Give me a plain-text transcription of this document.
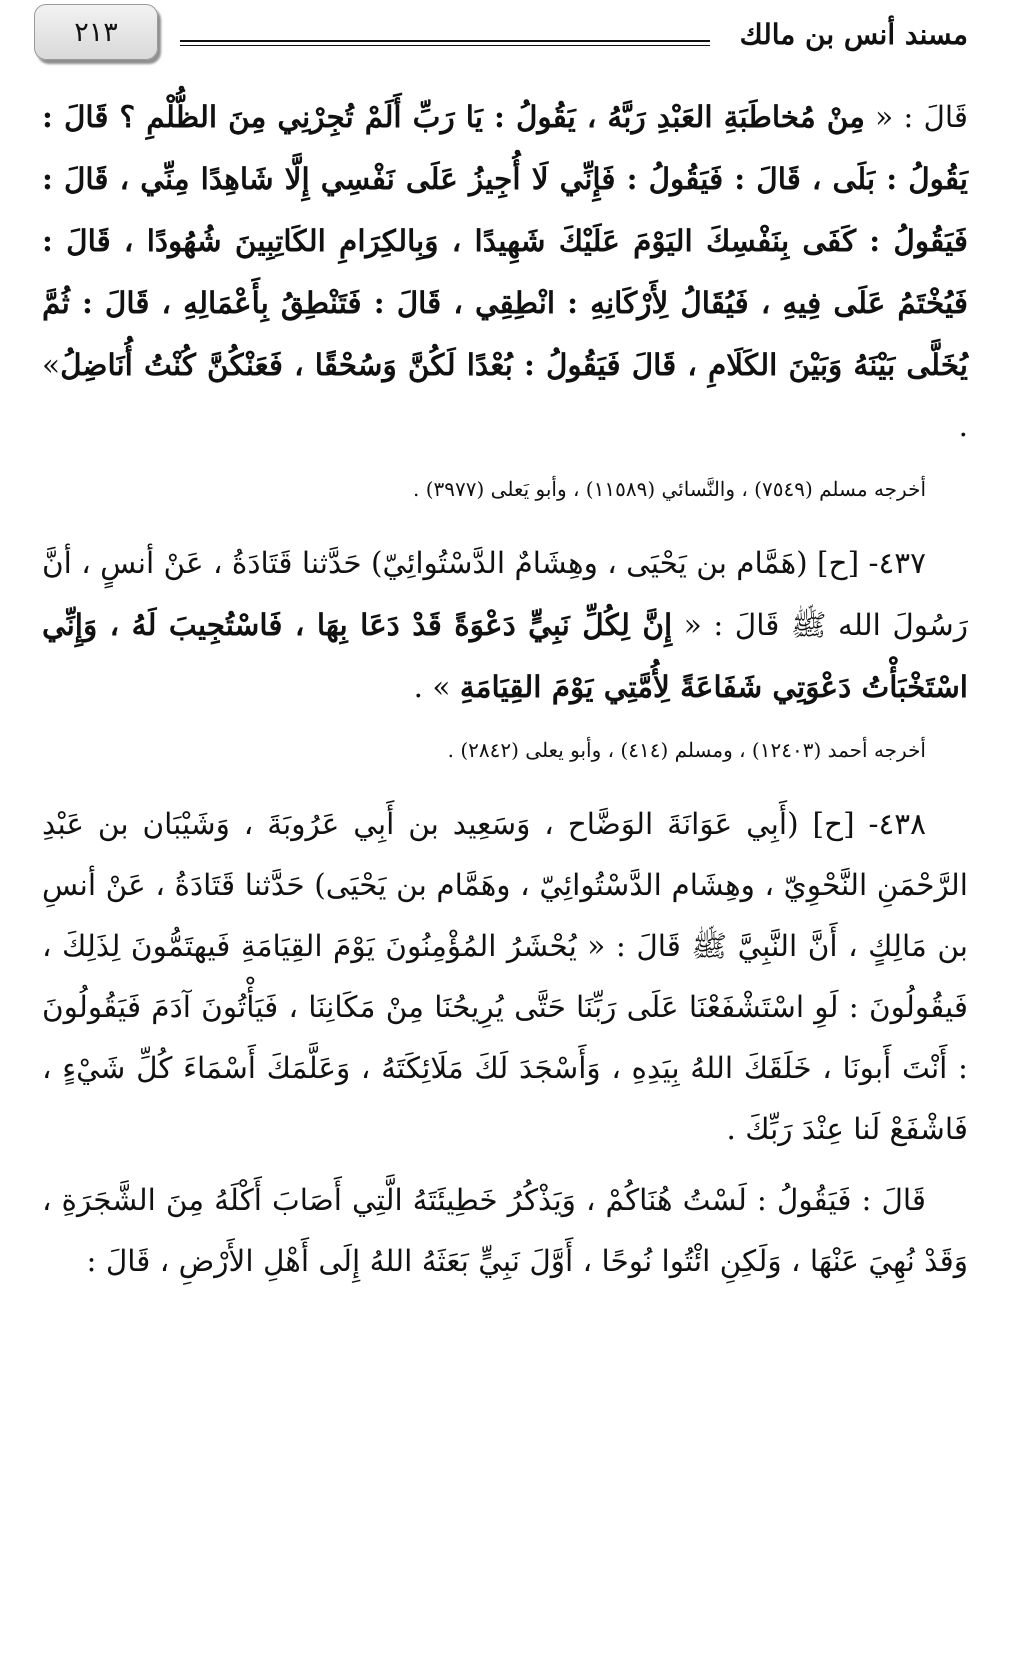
مسند أنس بن مالك
٢١٣

قَالَ : « مِنْ مُخاطَبَةِ العَبْدِ رَبَّهُ ، يَقُولُ : يَا رَبِّ أَلَمْ تُجِرْنِي مِنَ الظُّلْمِ ؟ قَالَ : يَقُولُ : بَلَى ، قَالَ : فَيَقُولُ : فَإِنِّي لَا أُجِيزُ عَلَى نَفْسِي إِلَّا شَاهِدًا مِنِّي ، قَالَ : فَيَقُولُ : كَفَى بِنَفْسِكَ اليَوْمَ عَلَيْكَ شَهِيدًا ، وَبِالكِرَامِ الكَاتِبِينَ شُهُودًا ، قَالَ : فَيُخْتَمُ عَلَى فِيهِ ، فَيُقَالُ لِأَرْكَانِهِ : انْطِقِي ، قَالَ : فَتَنْطِقُ بِأَعْمَالِهِ ، قَالَ : ثُمَّ يُخَلَّى بَيْنَهُ وَبَيْنَ الكَلَامِ ، قَالَ فَيَقُولُ : بُعْدًا لَكُنَّ وَسُحْقًا ، فَعَنْكُنَّ كُنْتُ أُنَاضِلُ» .

أخرجه مسلم (٧٥٤٩) ، والنَّسائي (١١٥٨٩) ، وأبو يَعلى (٣٩٧٧) .

٤٣٧- [ح] (هَمَّام بن يَحْيَى ، وهِشَامٌ الدَّسْتُوائِيّ) حَدَّثنا قَتَادَةُ ، عَنْ أنسٍ ، أنَّ رَسُولَ الله ﷺ قَالَ : « إِنَّ لِكُلِّ نَبِيٍّ دَعْوَةً قَدْ دَعَا بِهَا ، فَاسْتُجِيبَ لَهُ ، وَإِنِّي اسْتَخْبَأْتُ دَعْوَتِي شَفَاعَةً لِأُمَّتِي يَوْمَ القِيَامَةِ » .

أخرجه أحمد (١٢٤٠٣) ، ومسلم (٤١٤) ، وأبو يعلى (٢٨٤٢) .

٤٣٨- [ح] (أَبِي عَوَانَةَ الوَضَّاح ، وَسَعِيد بن أَبِي عَرُوبَةَ ، وَشَيْبَان بن عَبْدِ الرَّحْمَنِ النَّحْوِيّ ، وهِشَام الدَّسْتُوائِيّ ، وهَمَّام بن يَحْيَى) حَدَّثنا قَتَادَةُ ، عَنْ أنسِ بن مَالِكٍ ، أَنَّ النَّبِيَّ ﷺ قَالَ : « يُحْشَرُ المُؤْمِنُونَ يَوْمَ القِيَامَةِ فَيهتَمُّونَ لِذَلِكَ ، فَيقُولُونَ : لَوِ اسْتَشْفَعْنَا عَلَى رَبِّنَا حَتَّى يُرِيحُنَا مِنْ مَكَانِنَا ، فَيَأْتُونَ آدَمَ فَيَقُولُونَ : أَنْتَ أَبونَا ، خَلَقَكَ اللهُ بِيَدِهِ ، وَأَسْجَدَ لَكَ مَلَائِكَتَهُ ، وَعَلَّمَكَ أَسْمَاءَ كُلِّ شَيْءٍ ، فَاشْفَعْ لَنا عِنْدَ رَبِّكَ .

قَالَ : فَيَقُولُ : لَسْتُ هُنَاكُمْ ، وَيَذْكُرُ خَطِيئَتَهُ الَّتِي أَصَابَ أَكْلَهُ مِنَ الشَّجَرَةِ ، وَقَدْ نُهِيَ عَنْهَا ، وَلَكِنِ ائْتُوا نُوحًا ، أَوَّلَ نَبِيٍّ بَعَثَهُ اللهُ إِلَى أَهْلِ الأَرْضِ ، قَالَ :
